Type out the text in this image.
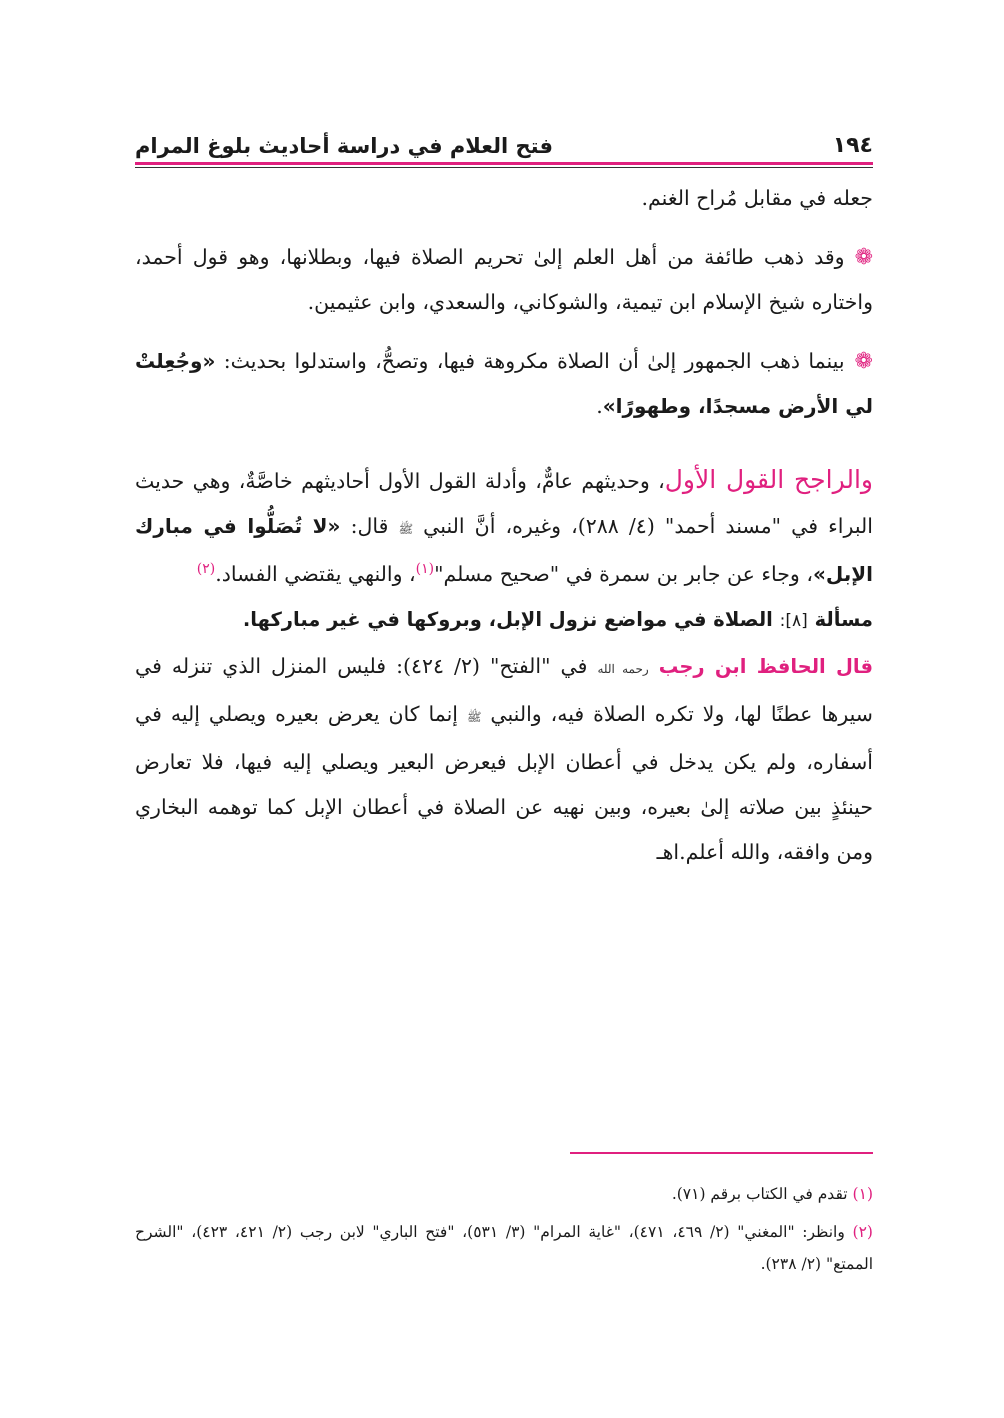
١٩٤
فتح العلام في دراسة أحاديث بلوغ المرام

جعله في مقابل مُراح الغنم.

❁وقد ذهب طائفة من أهل العلم إلىٰ تحريم الصلاة فيها، وبطلانها، وهو قول أحمد، واختاره شيخ الإسلام ابن تيمية، والشوكاني، والسعدي، وابن عثيمين.

❁بينما ذهب الجمهور إلىٰ أن الصلاة مكروهة فيها، وتصحُّ، واستدلوا بحديث: «وجُعِلتْ لي الأرض مسجدًا، وطهورًا».

والراجح القول الأول، وحديثهم عامٌّ، وأدلة القول الأول أحاديثهم خاصَّةٌ، وهي حديث البراء في "مسند أحمد" (٤/ ٢٨٨)، وغيره، أنَّ النبي ﷺ قال: «لا تُصَلُّوا في مبارك الإبل»، وجاء عن جابر بن سمرة في "صحيح مسلم"$^{(١)}$، والنهي يقتضي الفساد.$^{(٢)}$

مسألة [٨]: الصلاة في مواضع نزول الإبل، وبروكها في غير مباركها.

قال الحافظ ابن رجب رحمه الله في "الفتح" (٢/ ٤٢٤): فليس المنزل الذي تنزله في سيرها عطنًا لها، ولا تكره الصلاة فيه، والنبي ﷺ إنما كان يعرض بعيره ويصلي إليه في أسفاره، ولم يكن يدخل في أعطان الإبل فيعرض البعير ويصلي إليه فيها، فلا تعارض حينئذٍ بين صلاته إلىٰ بعيره، وبين نهيه عن الصلاة في أعطان الإبل كما توهمه البخاري ومن وافقه، والله أعلم.اهـ

(١) تقدم في الكتاب برقم (٧١).

(٢) وانظر: "المغني" (٢/ ٤٦٩، ٤٧١)، "غاية المرام" (٣/ ٥٣١)، "فتح الباري" لابن رجب (٢/ ٤٢١، ٤٢٣)، "الشرح الممتع" (٢/ ٢٣٨).
